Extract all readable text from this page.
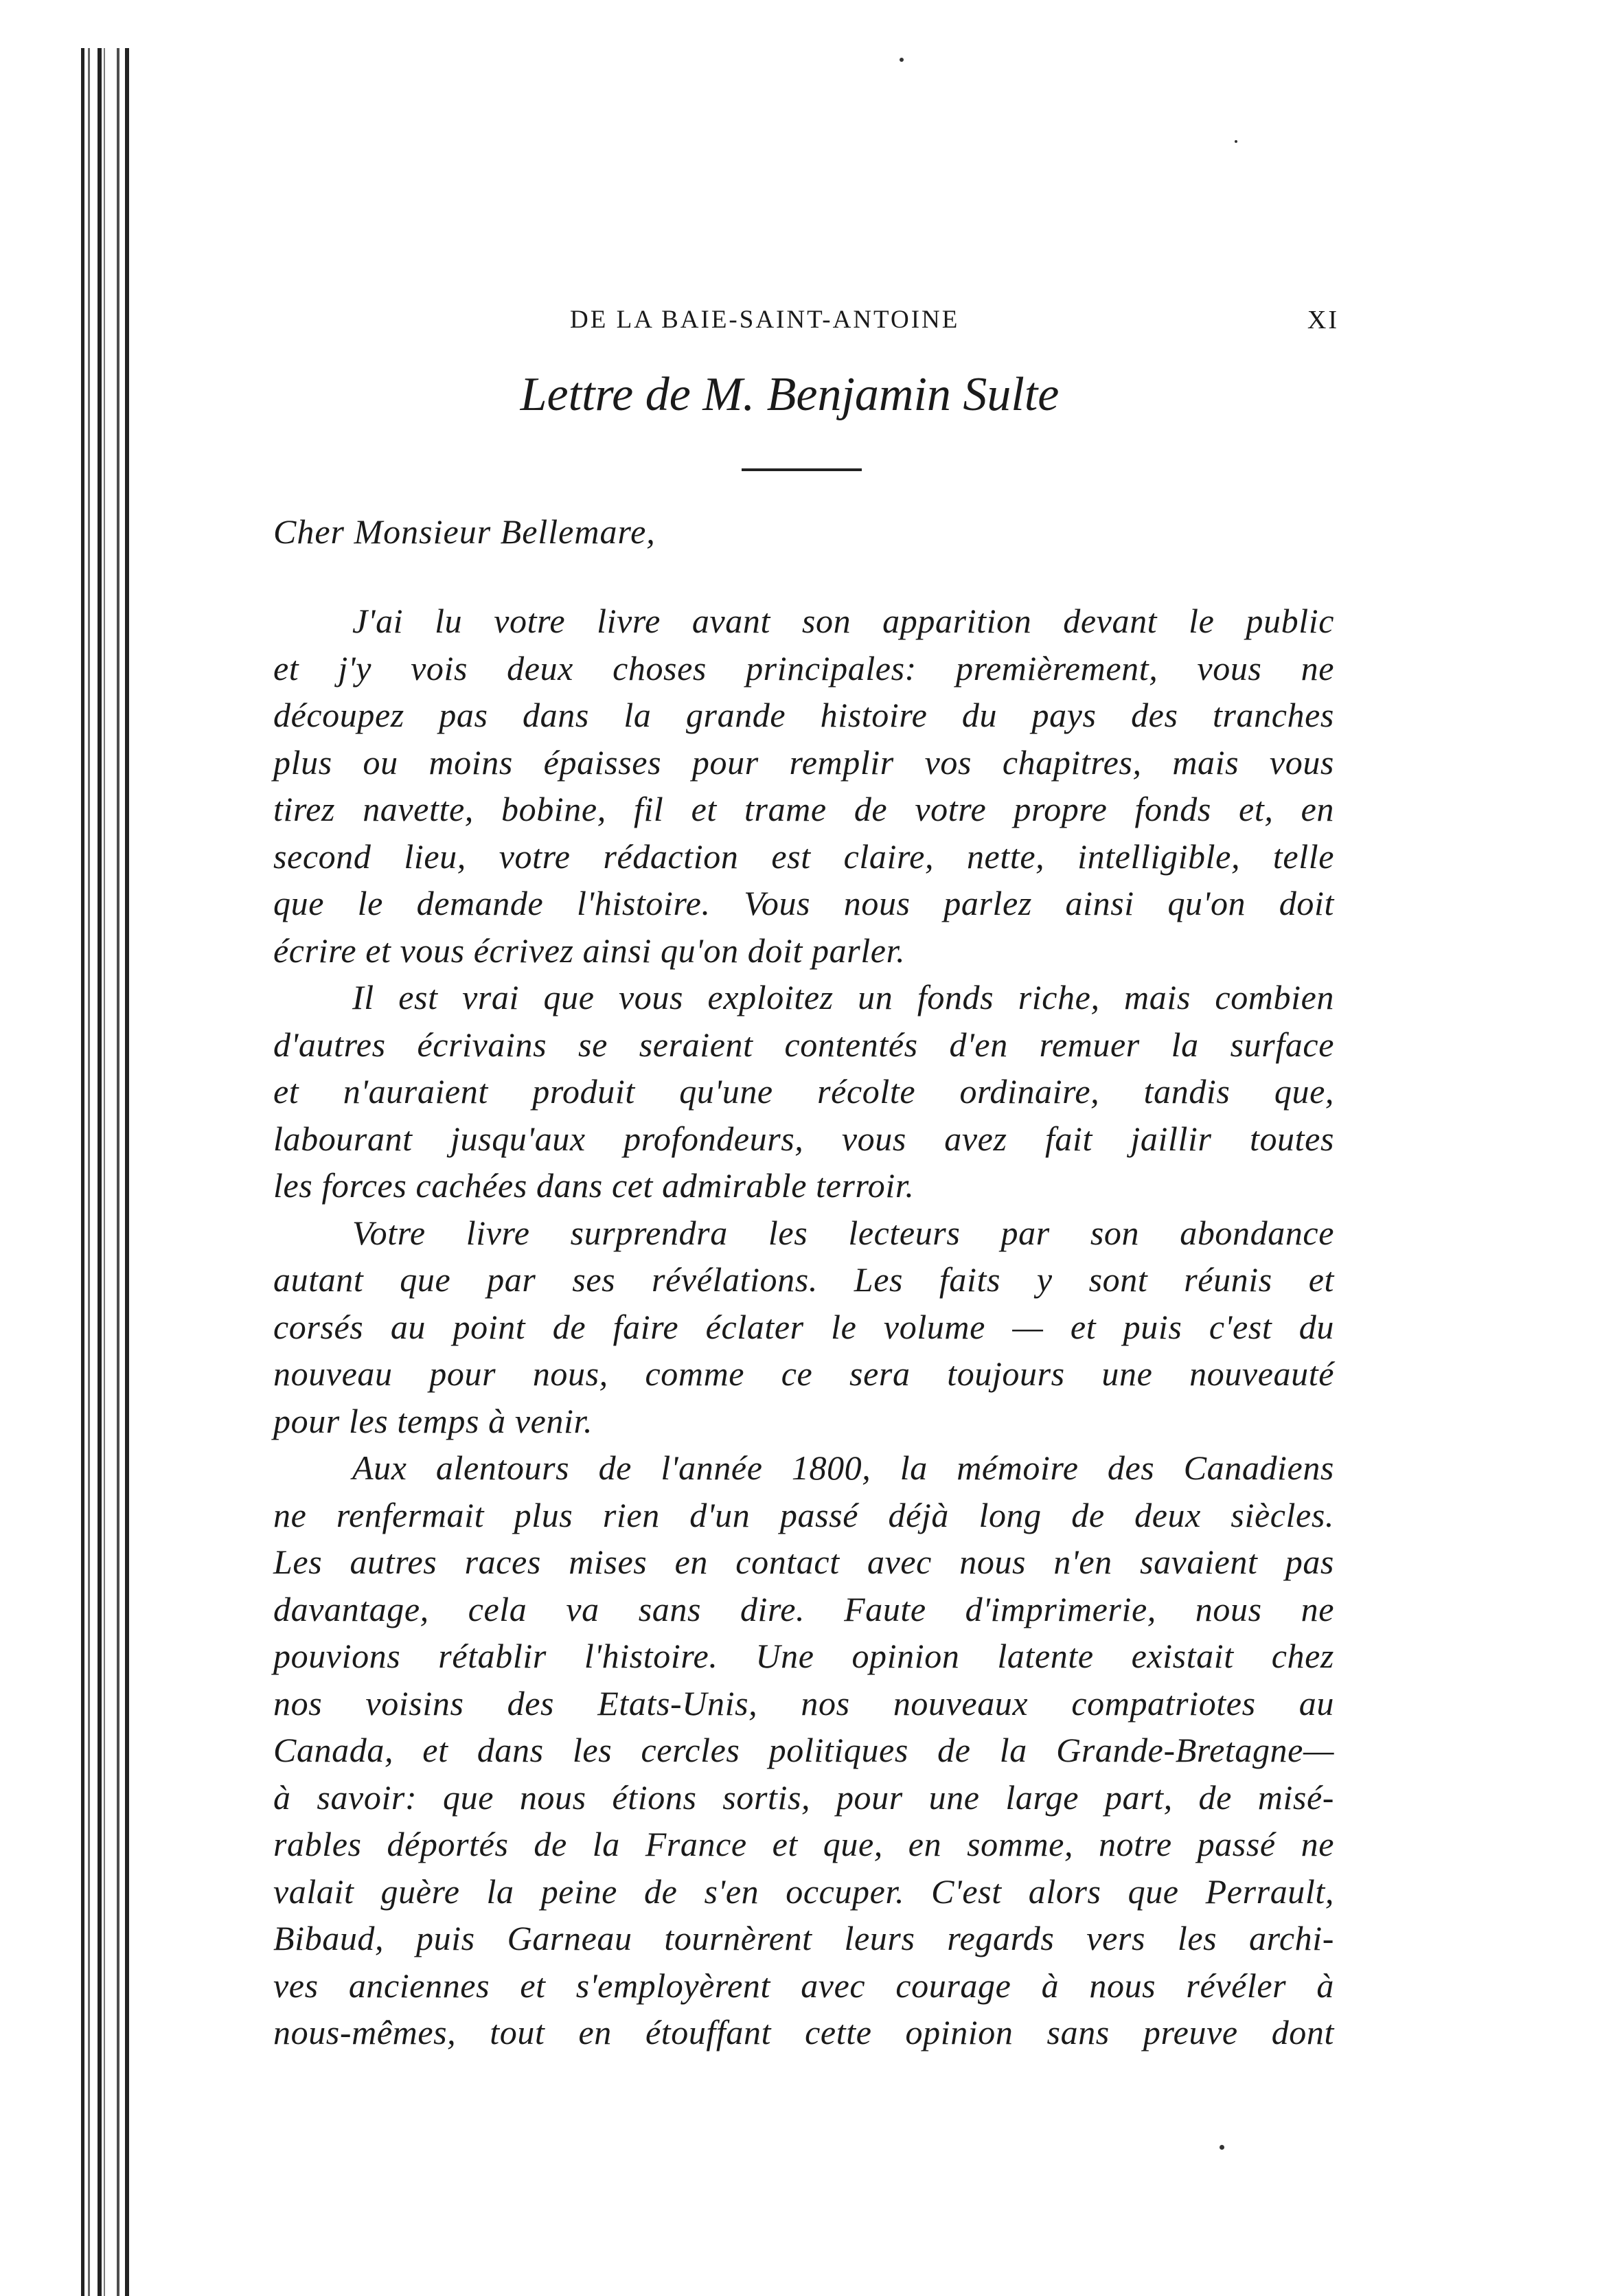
DE LA BAIE-SAINT-ANTOINE	XI
Lettre de M. Benjamin Sulte
Cher Monsieur Bellemare,
J'ai lu votre livre avant son apparition devant le public
et j'y vois deux choses principales: premièrement, vous ne
découpez pas dans la grande histoire du pays des tranches
plus ou moins épaisses pour remplir vos chapitres, mais vous
tirez navette, bobine, fil et trame de votre propre fonds et, en
second lieu, votre rédaction est claire, nette, intelligible, telle
que le demande l'histoire. Vous nous parlez ainsi qu'on doit
écrire et vous écrivez ainsi qu'on doit parler.
Il est vrai que vous exploitez un fonds riche, mais combien
d'autres écrivains se seraient contentés d'en remuer la surface
et n'auraient produit qu'une récolte ordinaire, tandis que,
labourant jusqu'aux profondeurs, vous avez fait jaillir toutes
les forces cachées dans cet admirable terroir.
Votre livre surprendra les lecteurs par son abondance
autant que par ses révélations. Les faits y sont réunis et
corsés au point de faire éclater le volume — et puis c'est du
nouveau pour nous, comme ce sera toujours une nouveauté
pour les temps à venir.
Aux alentours de l'année 1800, la mémoire des Canadiens
ne renfermait plus rien d'un passé déjà long de deux siècles.
Les autres races mises en contact avec nous n'en savaient pas
davantage, cela va sans dire. Faute d'imprimerie, nous ne
pouvions rétablir l'histoire. Une opinion latente existait chez
nos voisins des Etats-Unis, nos nouveaux compatriotes au
Canada, et dans les cercles politiques de la Grande-Bretagne—
à savoir: que nous étions sortis, pour une large part, de misé-
rables déportés de la France et que, en somme, notre passé ne
valait guère la peine de s'en occuper. C'est alors que Perrault,
Bibaud, puis Garneau tournèrent leurs regards vers les archi-
ves anciennes et s'employèrent avec courage à nous révéler à
nous-mêmes, tout en étouffant cette opinion sans preuve dont
